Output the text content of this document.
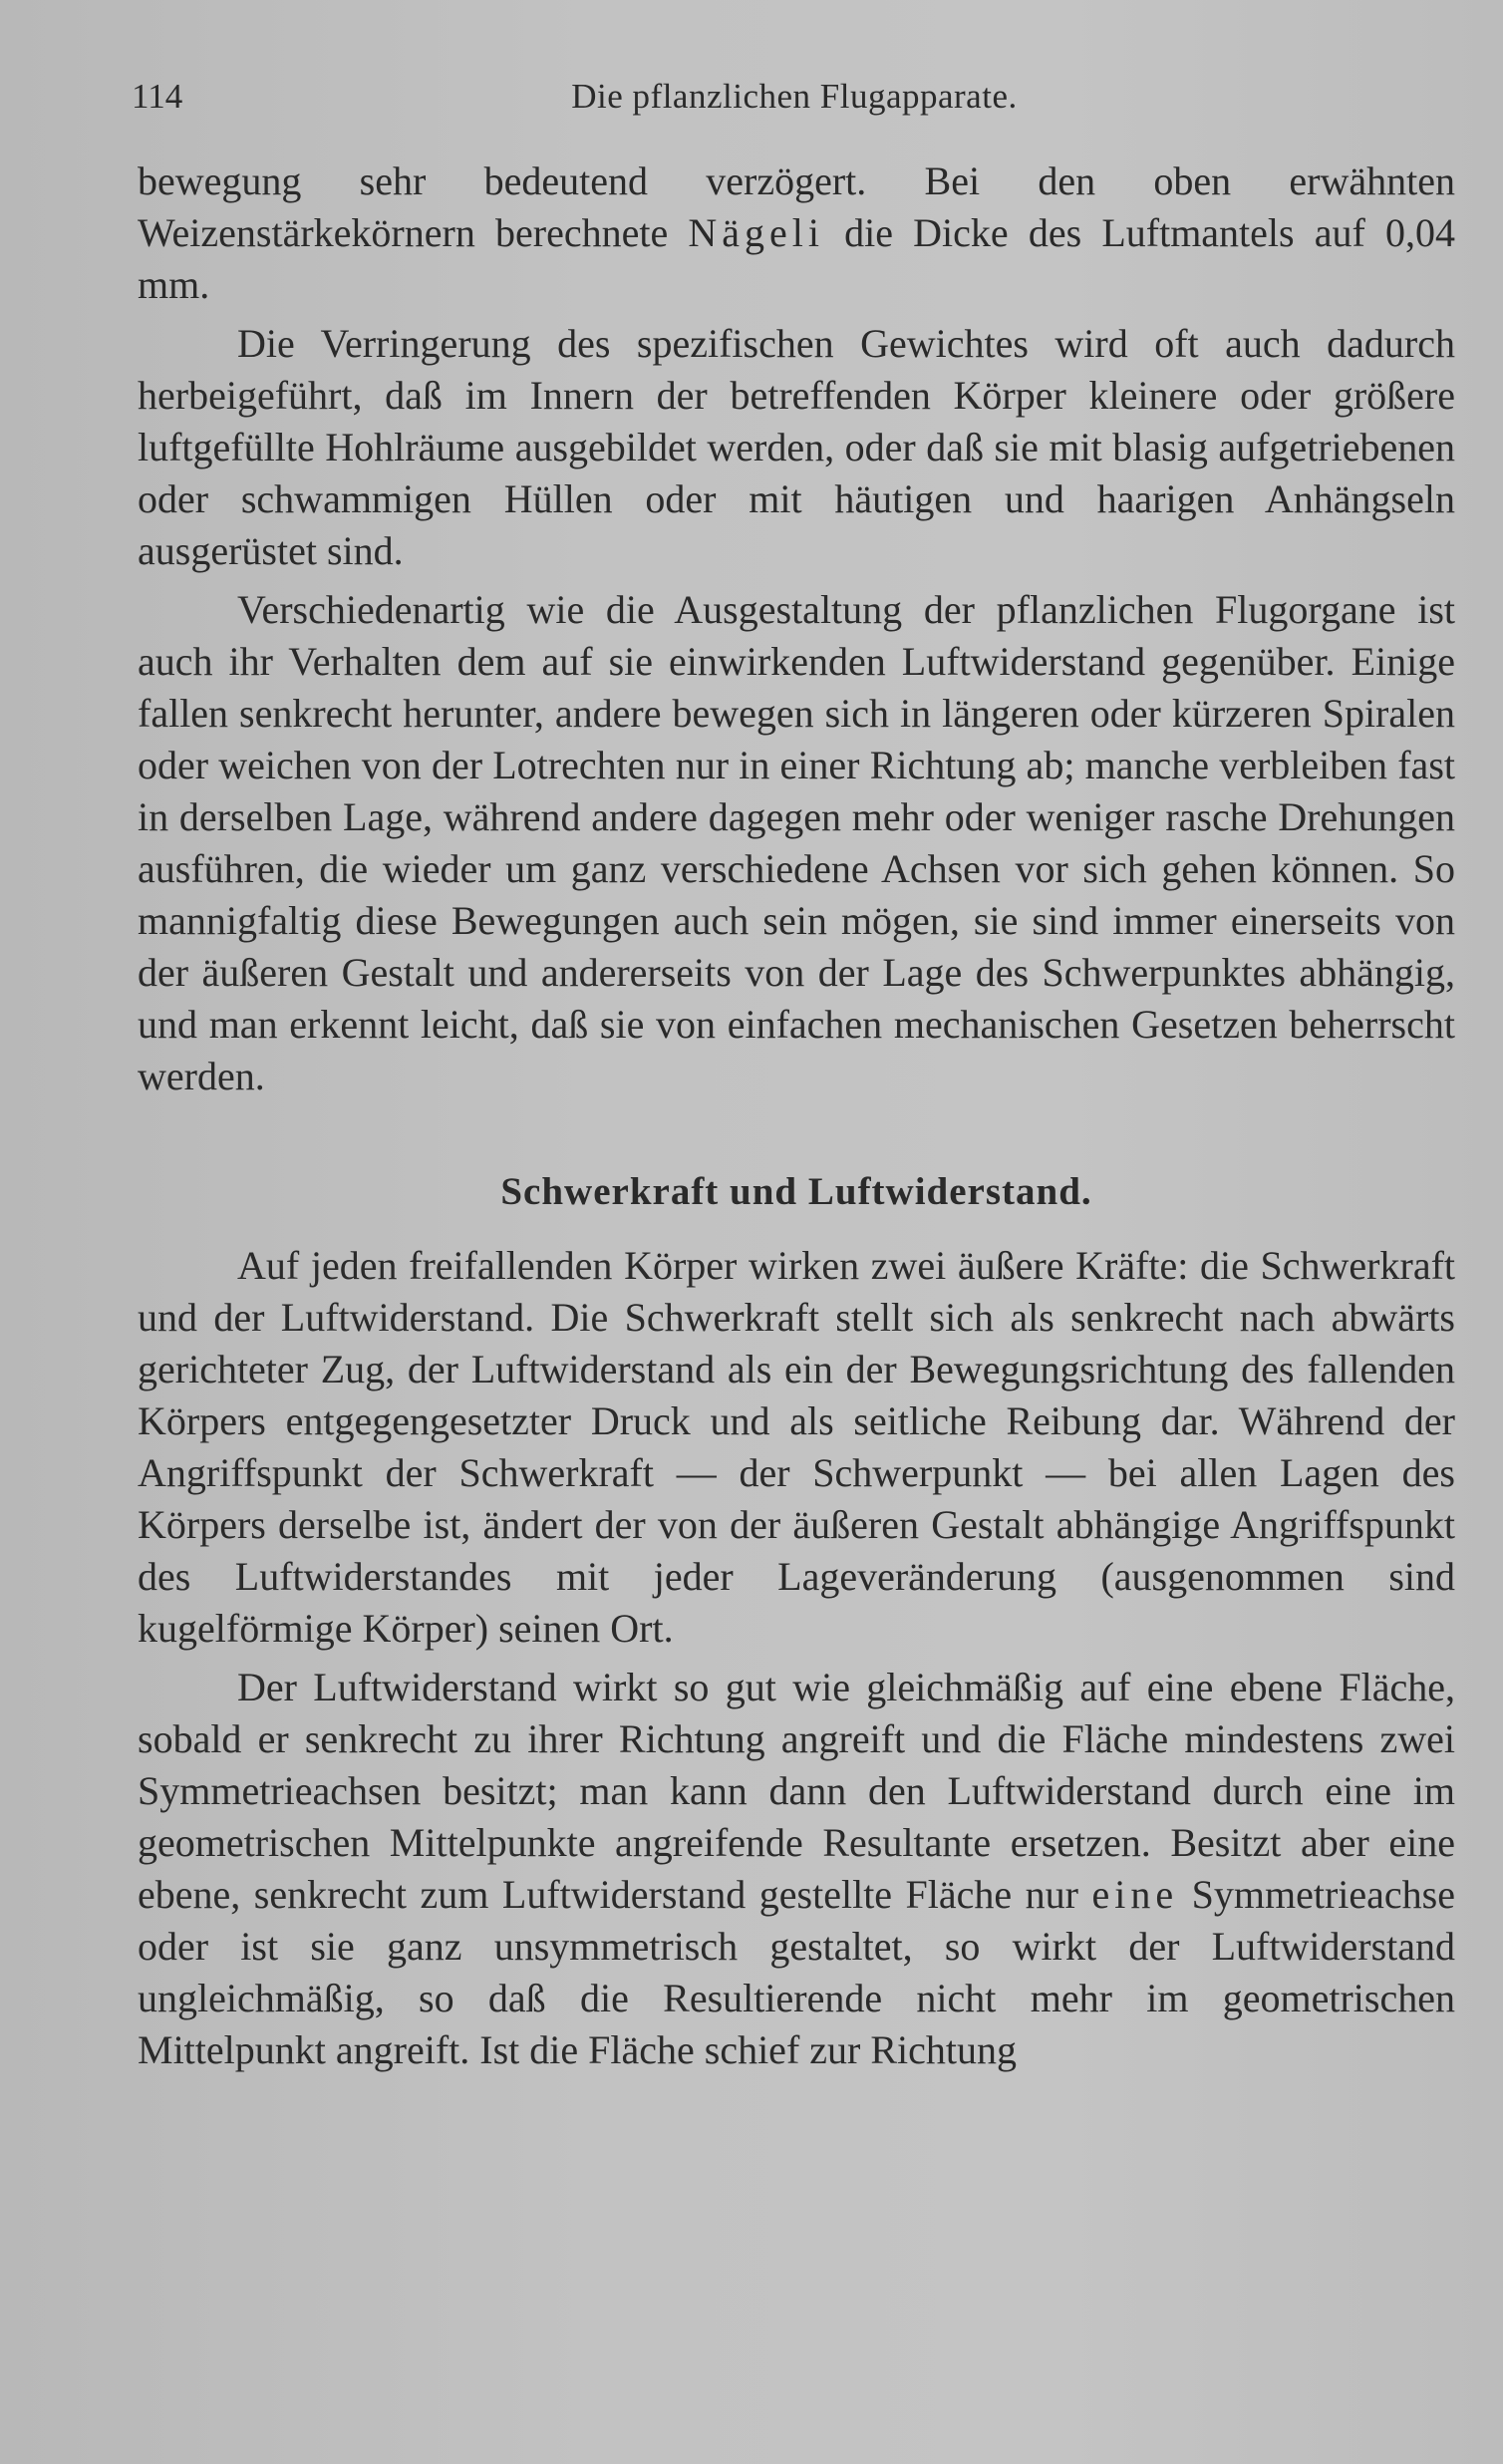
114	Die pflanzlichen Flugapparate.

bewegung sehr bedeutend verzögert. Bei den oben erwähnten Weizenstärkekörnern berechnete Nägeli die Dicke des Luftmantels auf 0,04 mm.

Die Verringerung des spezifischen Gewichtes wird oft auch dadurch herbeigeführt, daß im Innern der betreffenden Körper kleinere oder größere luftgefüllte Hohlräume ausgebildet werden, oder daß sie mit blasig aufgetriebenen oder schwammigen Hüllen oder mit häutigen und haarigen Anhängseln ausgerüstet sind.

Verschiedenartig wie die Ausgestaltung der pflanzlichen Flugorgane ist auch ihr Verhalten dem auf sie einwirkenden Luftwiderstand gegenüber. Einige fallen senkrecht herunter, andere bewegen sich in längeren oder kürzeren Spiralen oder weichen von der Lotrechten nur in einer Richtung ab; manche verbleiben fast in derselben Lage, während andere dagegen mehr oder weniger rasche Drehungen ausführen, die wieder um ganz verschiedene Achsen vor sich gehen können. So mannigfaltig diese Bewegungen auch sein mögen, sie sind immer einerseits von der äußeren Gestalt und andererseits von der Lage des Schwerpunktes abhängig, und man erkennt leicht, daß sie von einfachen mechanischen Gesetzen beherrscht werden.

Schwerkraft und Luftwiderstand.

Auf jeden freifallenden Körper wirken zwei äußere Kräfte: die Schwerkraft und der Luftwiderstand. Die Schwerkraft stellt sich als senkrecht nach abwärts gerichteter Zug, der Luftwiderstand als ein der Bewegungsrichtung des fallenden Körpers entgegengesetzter Druck und als seitliche Reibung dar. Während der Angriffspunkt der Schwerkraft — der Schwerpunkt — bei allen Lagen des Körpers derselbe ist, ändert der von der äußeren Gestalt abhängige Angriffspunkt des Luftwiderstandes mit jeder Lageveränderung (ausgenommen sind kugelförmige Körper) seinen Ort.

Der Luftwiderstand wirkt so gut wie gleichmäßig auf eine ebene Fläche, sobald er senkrecht zu ihrer Richtung angreift und die Fläche mindestens zwei Symmetrieachsen besitzt; man kann dann den Luftwiderstand durch eine im geometrischen Mittelpunkte angreifende Resultante ersetzen. Besitzt aber eine ebene, senkrecht zum Luftwiderstand gestellte Fläche nur eine Symmetrieachse oder ist sie ganz unsymmetrisch gestaltet, so wirkt der Luftwiderstand ungleichmäßig, so daß die Resultierende nicht mehr im geometrischen Mittelpunkt angreift. Ist die Fläche schief zur Richtung
